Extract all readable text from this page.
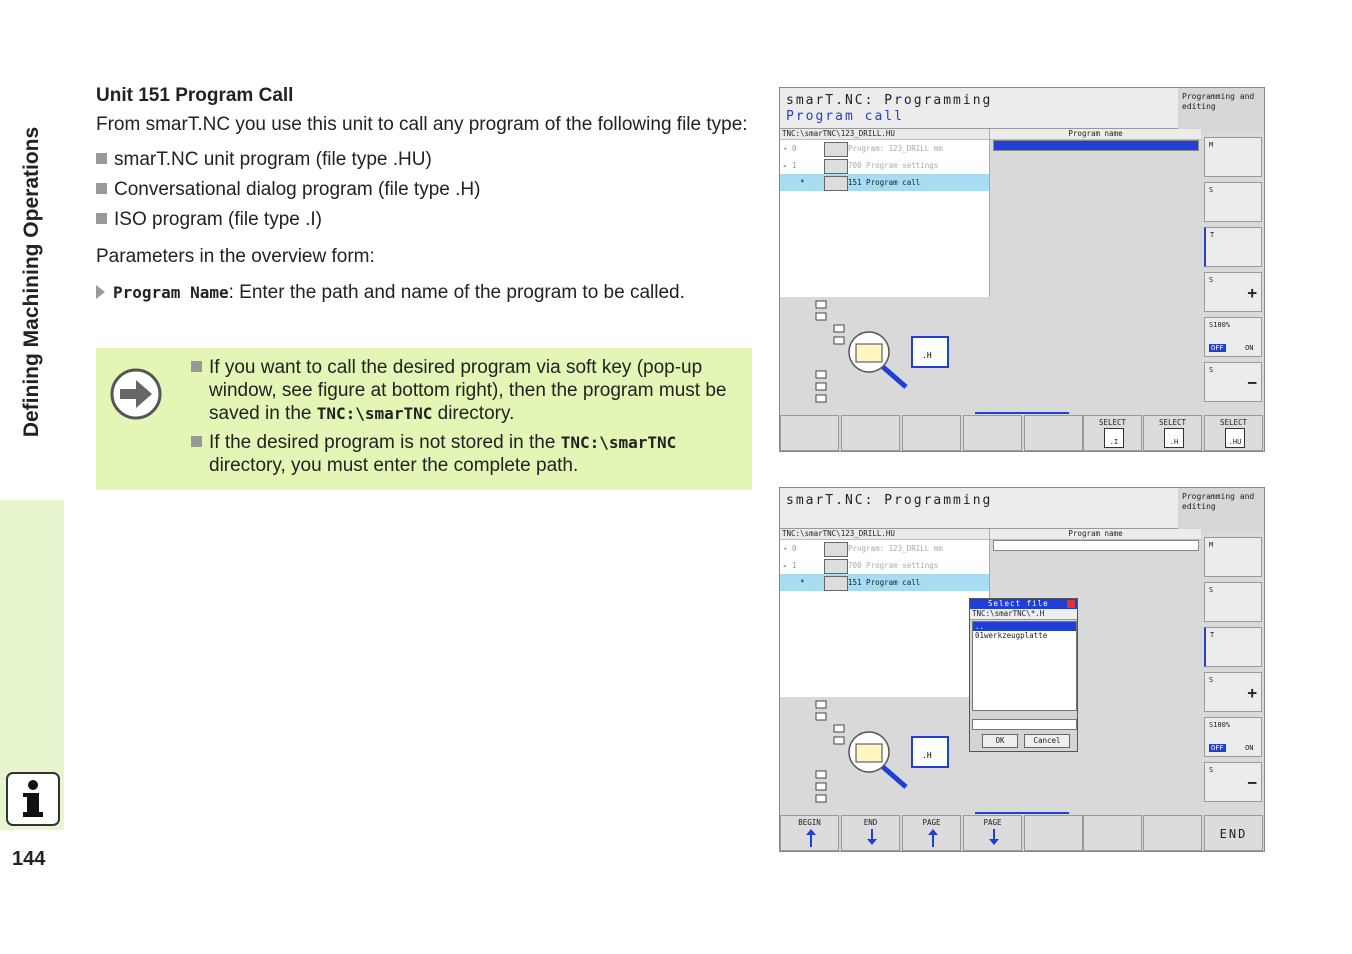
Defining Machining Operations
144
Unit 151 Program Call
From smarT.NC you use this unit to call any program of the following file type:
smarT.NC unit program (file type .HU)
Conversational dialog program (file type .H)
ISO program (file type .I)
Parameters in the overview form:
Program Name: Enter the path and name of the program to be called.
If you want to call the desired program via soft key (pop-up window, see figure at bottom right), then the program must be saved in the TNC:\smarTNC directory.
If the desired program is not stored in the TNC:\smarTNC directory, you must enter the complete path.
smarT.NC: Programming
Program call
Programming and editing
TNC:\smarTNC\123_DRILL.HU
▾ 0	Program: 123_DRILL mm
▸ 1	700 Program settings
*	151 Program call
.H
Program name
M
S
T
S
+
S100%
OFF	ON
S
−
SELECT
.I
SELECT
.H
SELECT
.HU
smarT.NC: Programming	Programming and editing
TNC:\smarTNC\123_DRILL.HU
▾ 0	Program: 123_DRILL mm
▸ 1	700 Program settings
*	151 Program call
.H
Program name
Select file
TNC:\smarTNC\*.H
..
01werkzeugplatte
OK	Cancel
M
S
T
S
+
S100%
OFF	ON
S
−
BEGIN	END	PAGE	PAGE
END
